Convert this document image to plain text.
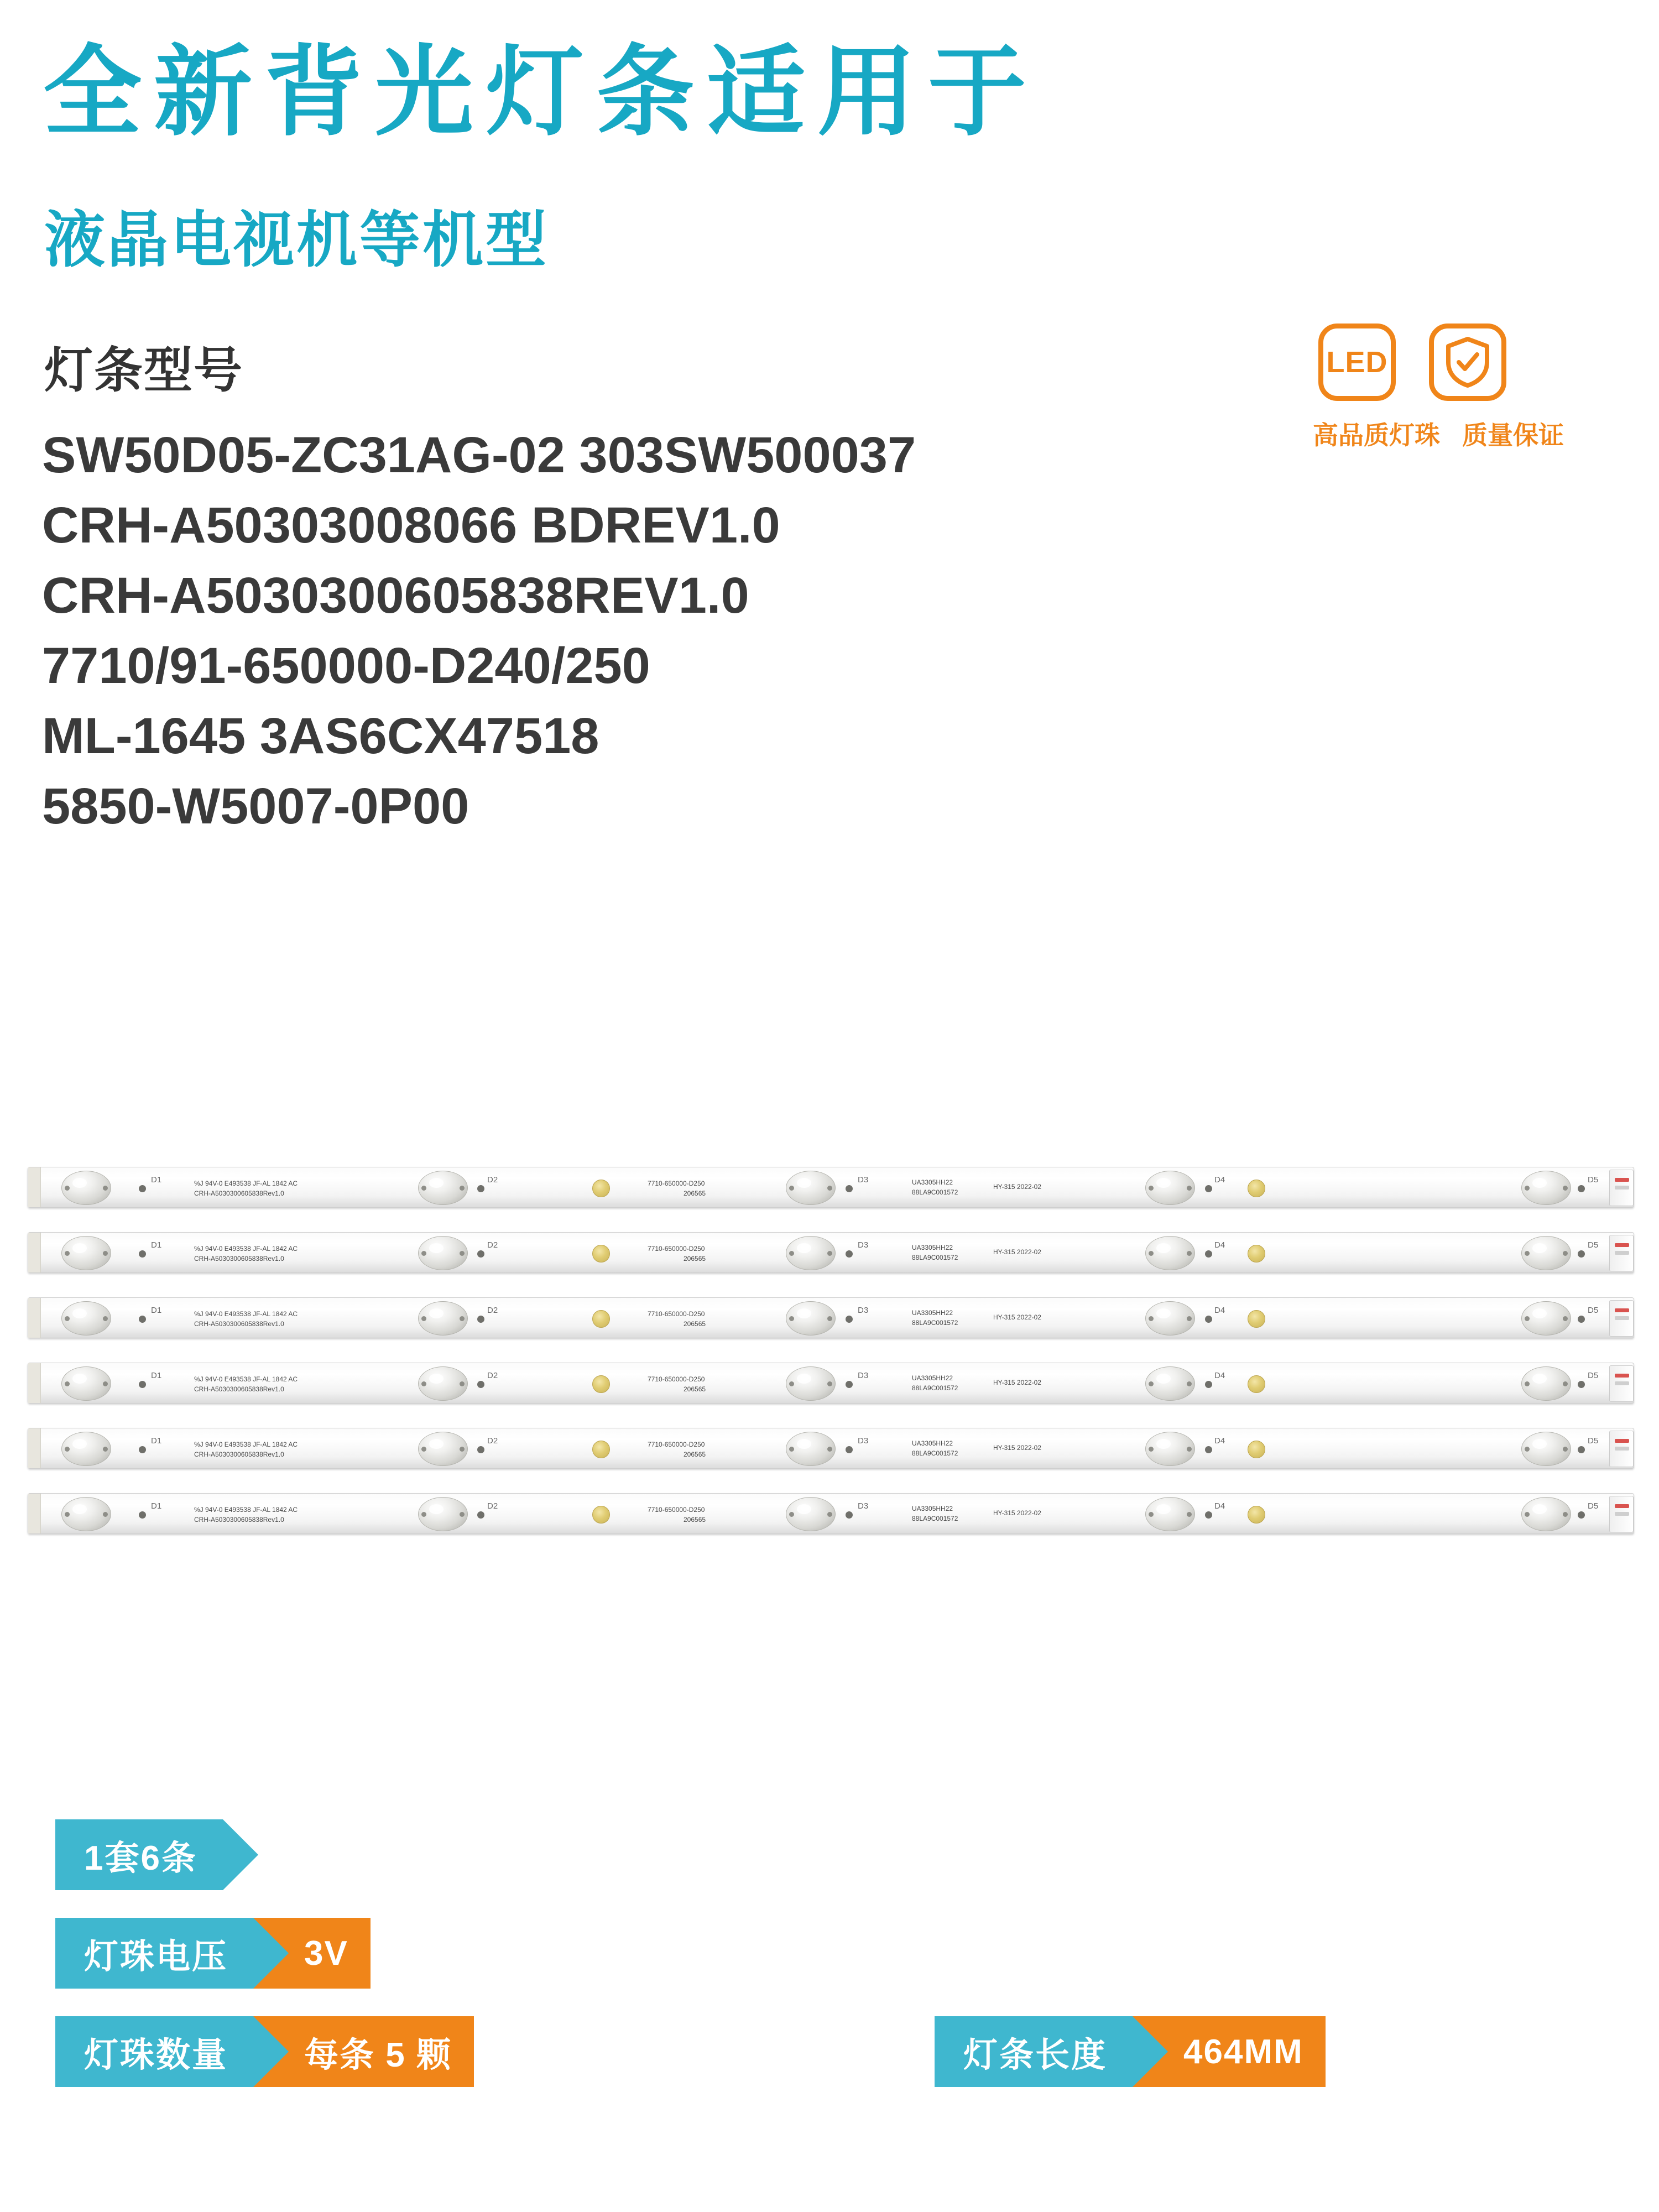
全新背光灯条适用于
液晶电视机等机型
LED
高品质灯珠 质量保证
灯条型号
SW50D05-ZC31AG-02 303SW500037
CRH-A50303008066 BDREV1.0
CRH-A5030300605838REV1.0
7710/91-650000-D240/250
ML-1645 3AS6CX47518
5850-W5007-0P00
D1	%J 94V-0 E493538 JF-AL 1842 AC
CRH-A5030300605838Rev1.0
D2	7710-650000-D250
206565
D3	UA3305HH22
88LA9C001572
HY-315 2022-02
D4	D5
D1	%J 94V-0 E493538 JF-AL 1842 AC
CRH-A5030300605838Rev1.0
D2	7710-650000-D250
206565
D3	UA3305HH22
88LA9C001572
HY-315 2022-02
D4	D5
D1	%J 94V-0 E493538 JF-AL 1842 AC
CRH-A5030300605838Rev1.0
D2	7710-650000-D250
206565
D3	UA3305HH22
88LA9C001572
HY-315 2022-02
D4	D5
D1	%J 94V-0 E493538 JF-AL 1842 AC
CRH-A5030300605838Rev1.0
D2	7710-650000-D250
206565
D3	UA3305HH22
88LA9C001572
HY-315 2022-02
D4	D5
D1	%J 94V-0 E493538 JF-AL 1842 AC
CRH-A5030300605838Rev1.0
D2	7710-650000-D250
206565
D3	UA3305HH22
88LA9C001572
HY-315 2022-02
D4	D5
D1	%J 94V-0 E493538 JF-AL 1842 AC
CRH-A5030300605838Rev1.0
D2	7710-650000-D250
206565
D3	UA3305HH22
88LA9C001572
HY-315 2022-02
D4	D5
1套6条
灯珠电压	3V
灯珠数量	每条 5 颗	灯条长度	464MM
